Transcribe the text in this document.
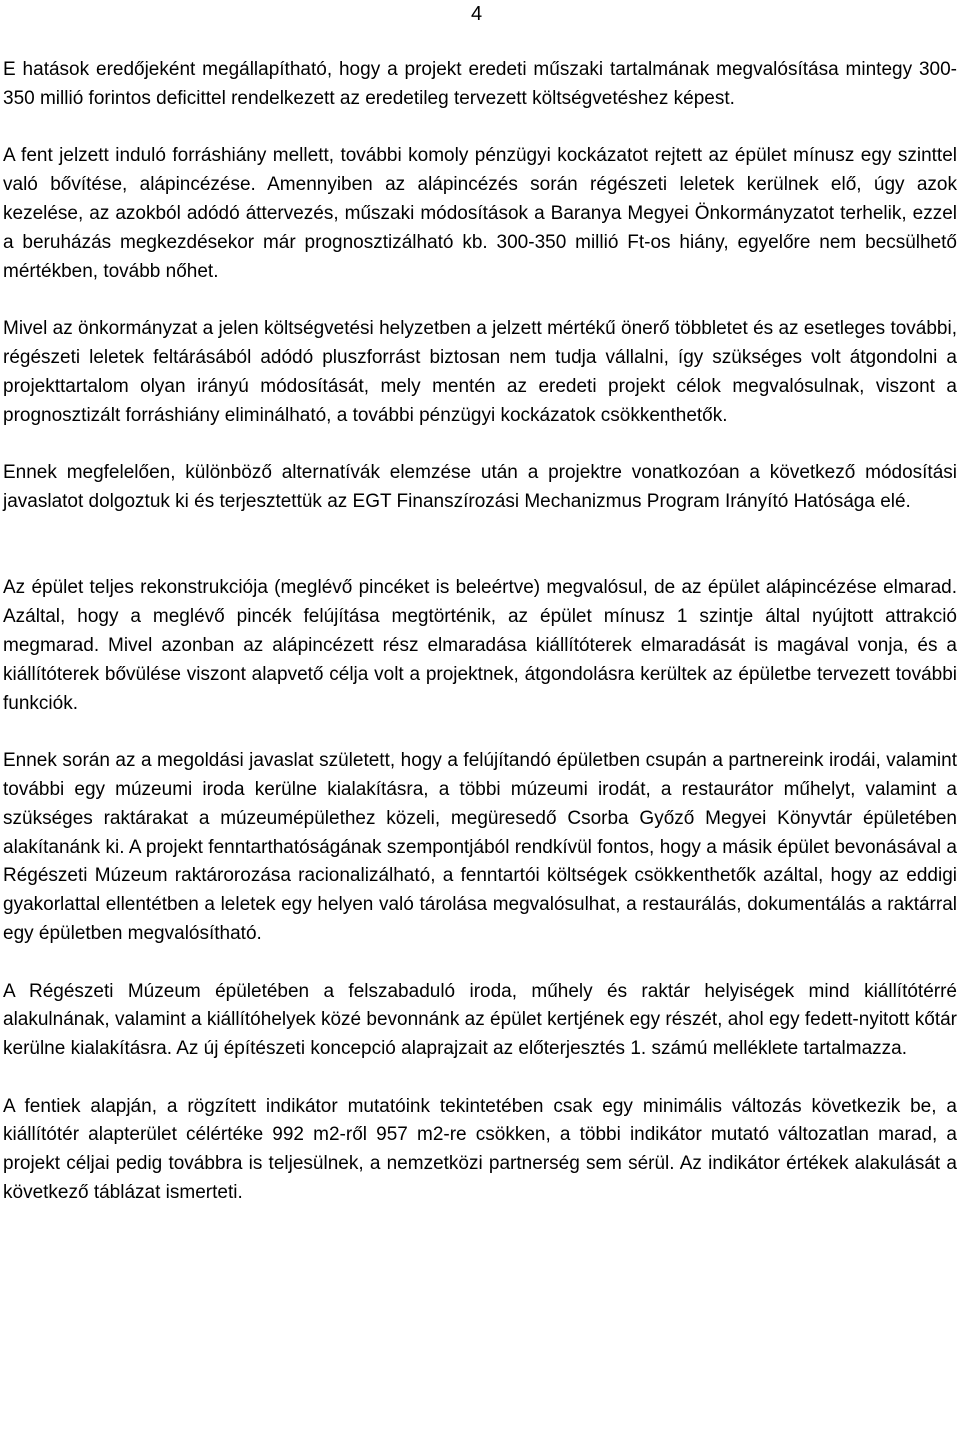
4

E hatások eredőjeként megállapítható, hogy a projekt eredeti műszaki tartalmának megvalósítása mintegy 300-350 millió forintos deficittel rendelkezett az eredetileg tervezett költségvetéshez képest.

A fent jelzett induló forráshiány mellett, további komoly pénzügyi kockázatot rejtett az épület mínusz egy szinttel való bővítése, alápincézése. Amennyiben az alápincézés során régészeti leletek kerülnek elő, úgy azok kezelése, az azokból adódó áttervezés, műszaki módosítások a Baranya Megyei Önkormányzatot terhelik, ezzel a beruházás megkezdésekor már prognosztizálható kb. 300-350 millió Ft-os hiány, egyelőre nem becsülhető mértékben, tovább nőhet.

Mivel az önkormányzat a jelen költségvetési helyzetben a jelzett mértékű önerő többletet és az esetleges további, régészeti leletek feltárásából adódó pluszforrást biztosan nem tudja vállalni, így szükséges volt átgondolni a projekttartalom olyan irányú módosítását, mely mentén az eredeti projekt célok megvalósulnak, viszont a prognosztizált forráshiány eliminálható, a további pénzügyi kockázatok csökkenthetők.

Ennek megfelelően, különböző alternatívák elemzése után a projektre vonatkozóan a következő módosítási javaslatot dolgoztuk ki és terjesztettük az EGT Finanszírozási Mechanizmus Program Irányító Hatósága elé.

Az épület teljes rekonstrukciója (meglévő pincéket is beleértve) megvalósul, de az épület alápincézése elmarad. Azáltal, hogy a meglévő pincék felújítása megtörténik, az épület mínusz 1 szintje által nyújtott attrakció megmarad. Mivel azonban az alápincézett rész elmaradása kiállítóterek elmaradását is magával vonja, és a kiállítóterek bővülése viszont alapvető célja volt a projektnek, átgondolásra kerültek az épületbe tervezett további funkciók.

Ennek során az a megoldási javaslat született, hogy a felújítandó épületben csupán a partnereink irodái, valamint további egy múzeumi iroda kerülne kialakításra, a többi múzeumi irodát, a restaurátor műhelyt, valamint a szükséges raktárakat a múzeumépülethez közeli, megüresedő Csorba Győző Megyei Könyvtár épületében alakítanánk ki. A projekt fenntarthatóságának szempontjából rendkívül fontos, hogy a másik épület bevonásával a Régészeti Múzeum raktárorozása racionalizálható, a fenntartói költségek csökkenthetők azáltal, hogy az eddigi gyakorlattal ellentétben a leletek egy helyen való tárolása megvalósulhat, a restaurálás, dokumentálás a raktárral egy épületben megvalósítható.

A Régészeti Múzeum épületében a felszabaduló iroda, műhely és raktár helyiségek mind kiállítótérré alakulnának, valamint a kiállítóhelyek közé bevonnánk az épület kertjének egy részét, ahol egy fedett-nyitott kőtár kerülne kialakításra. Az új építészeti koncepció alaprajzait az előterjesztés 1. számú melléklete tartalmazza.

A fentiek alapján, a rögzített indikátor mutatóink tekintetében csak egy minimális változás következik be, a kiállítótér alapterület célértéke 992 m2-ről 957 m2-re csökken, a többi indikátor mutató változatlan marad, a projekt céljai pedig továbbra is teljesülnek, a nemzetközi partnerség sem sérül. Az indikátor értékek alakulását a következő táblázat ismerteti.
